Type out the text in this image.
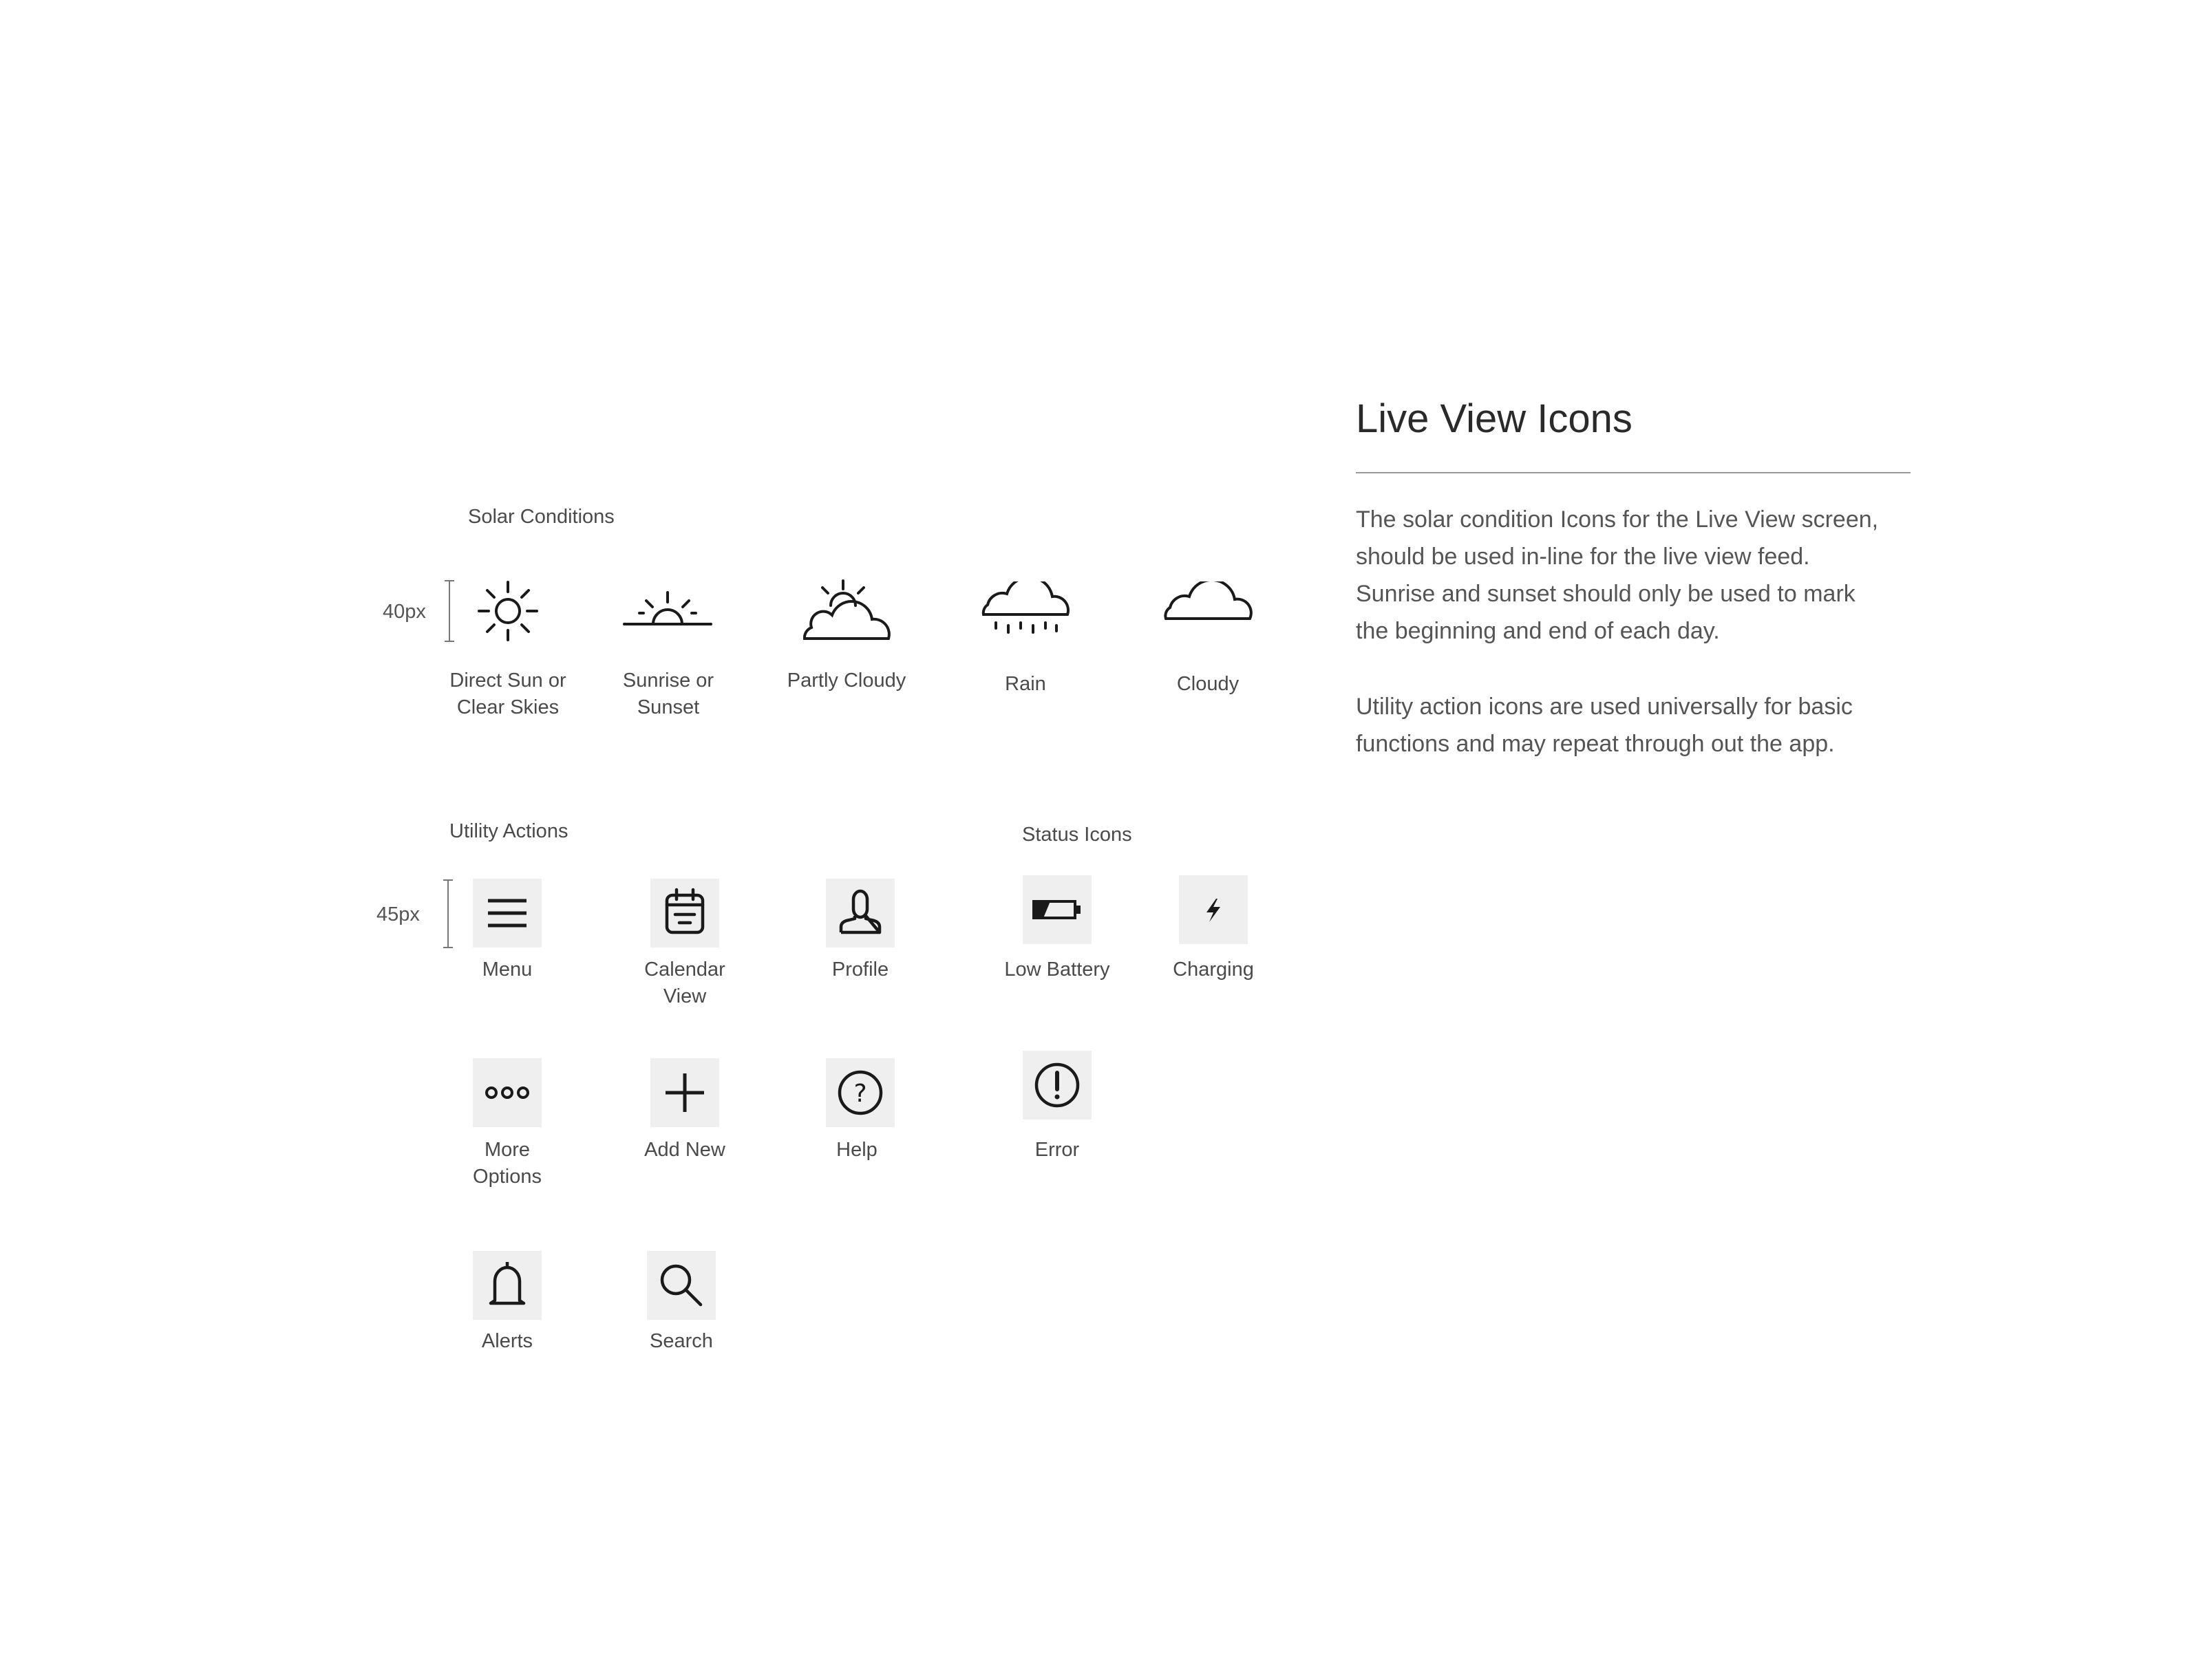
Solar Conditions
40px
Direct Sun or
Clear Skies
Sunrise or
Sunset
Partly Cloudy	Rain	Cloudy
Utility Actions
45px
Menu	Calendar
View
Profile
More
Options
Add New
?
Help
Alerts	Search
Status Icons
Low Battery	Charging
Error
Live View Icons
The solar condition Icons for the Live View screen,
should be used in-line for the live view feed.
Sunrise and sunset should only be used to mark
the beginning and end of each day.
Utility action icons are used universally for basic
functions and may repeat through out the app.
